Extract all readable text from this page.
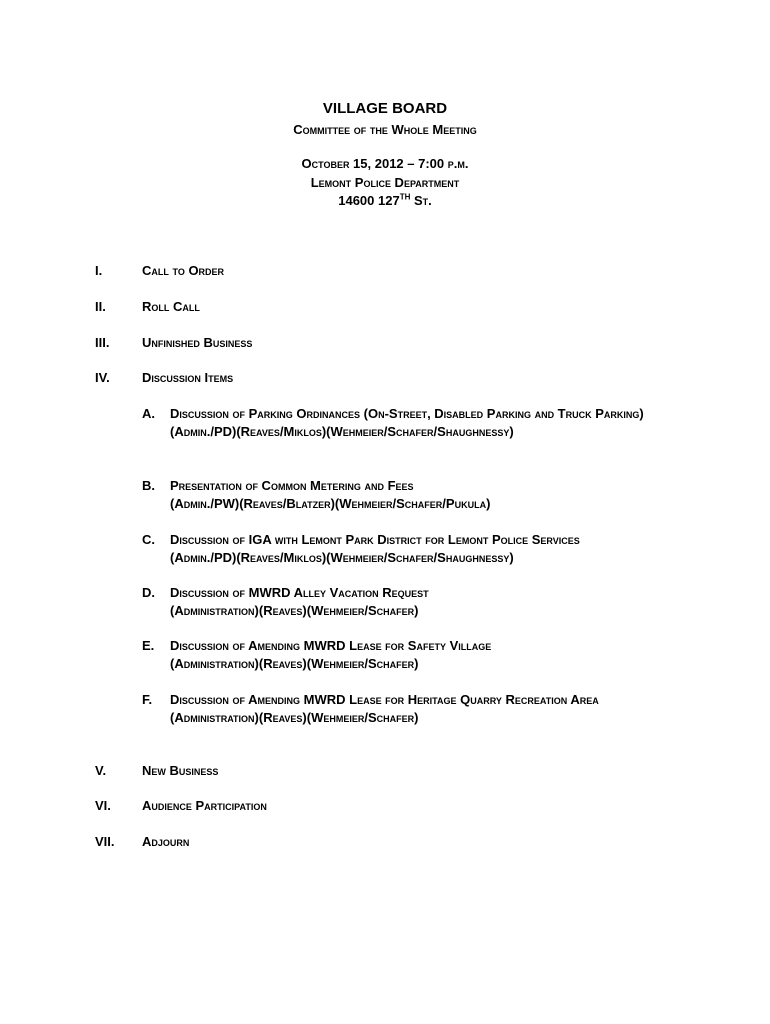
VILLAGE BOARD
Committee of the Whole Meeting
October 15, 2012 – 7:00 p.m.
Lemont Police Department
14600 127TH St.
I.	Call to Order
II.	Roll Call
III.	Unfinished Business
IV. Discussion Items
A. Discussion of Parking Ordinances (On-Street, Disabled Parking and Truck Parking)
(Admin./PD)(Reaves/Miklos)(Wehmeier/Schafer/Shaughnessy)
B. Presentation of Common Metering and Fees
(Admin./PW)(Reaves/Blatzer)(Wehmeier/Schafer/Pukula)
C. Discussion of IGA with Lemont Park District for Lemont Police Services
(Admin./PD)(Reaves/Miklos)(Wehmeier/Schafer/Shaughnessy)
D. Discussion of MWRD Alley Vacation Request
(Administration)(Reaves)(Wehmeier/Schafer)
E. Discussion of Amending MWRD Lease for Safety Village
(Administration)(Reaves)(Wehmeier/Schafer)
F. Discussion of Amending MWRD Lease for Heritage Quarry Recreation Area
(Administration)(Reaves)(Wehmeier/Schafer)
V.	New Business
VI. Audience Participation
VII. Adjourn
